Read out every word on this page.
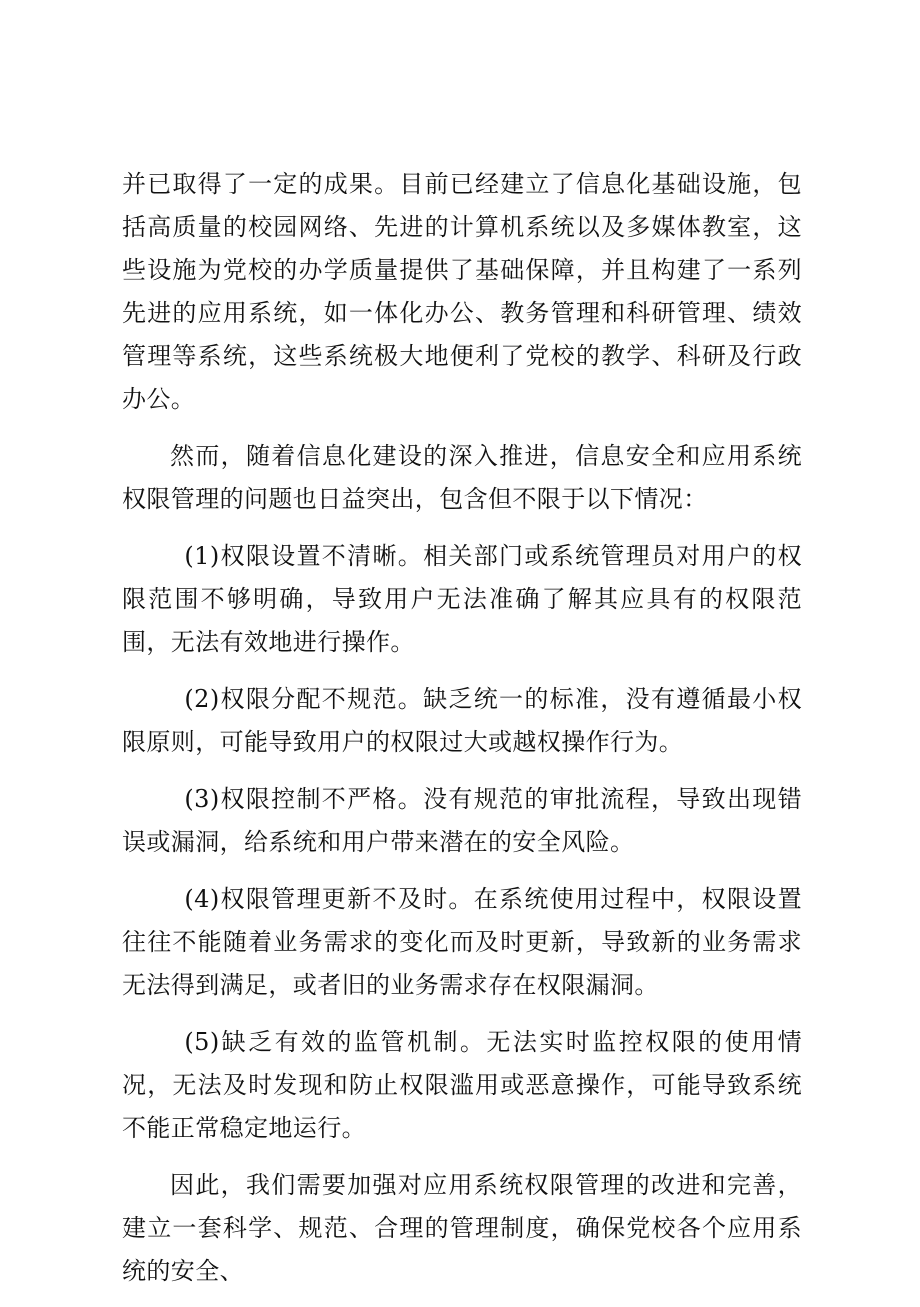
并已取得了一定的成果。目前已经建立了信息化基础设施，包括高质量的校园网络、先进的计算机系统以及多媒体教室，这些设施为党校的办学质量提供了基础保障，并且构建了一系列先进的应用系统，如一体化办公、教务管理和科研管理、绩效管理等系统，这些系统极大地便利了党校的教学、科研及行政办公。

然而，随着信息化建设的深入推进，信息安全和应用系统权限管理的问题也日益突出，包含但不限于以下情况：

(1)权限设置不清晰。相关部门或系统管理员对用户的权限范围不够明确，导致用户无法准确了解其应具有的权限范围，无法有效地进行操作。

(2)权限分配不规范。缺乏统一的标准，没有遵循最小权限原则，可能导致用户的权限过大或越权操作行为。

(3)权限控制不严格。没有规范的审批流程，导致出现错误或漏洞，给系统和用户带来潜在的安全风险。

(4)权限管理更新不及时。在系统使用过程中，权限设置往往不能随着业务需求的变化而及时更新，导致新的业务需求无法得到满足，或者旧的业务需求存在权限漏洞。

(5)缺乏有效的监管机制。无法实时监控权限的使用情况，无法及时发现和防止权限滥用或恶意操作，可能导致系统不能正常稳定地运行。

因此，我们需要加强对应用系统权限管理的改进和完善，建立一套科学、规范、合理的管理制度，确保党校各个应用系统的安全、
